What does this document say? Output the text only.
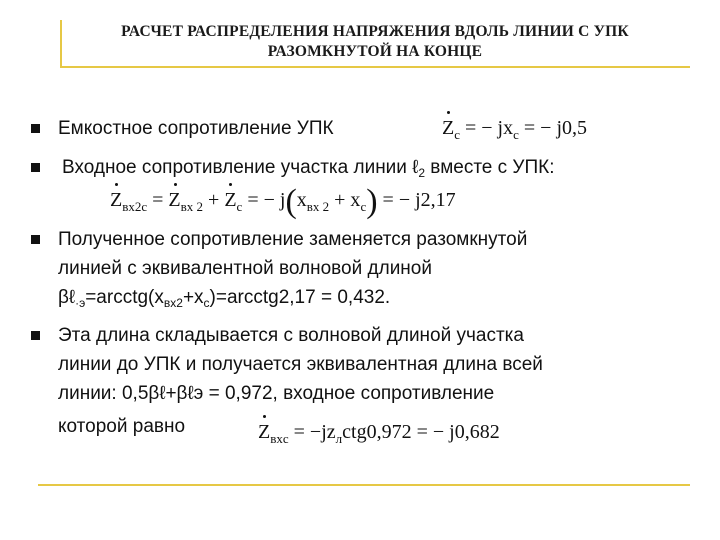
РАСЧЕТ РАСПРЕДЕЛЕНИЯ НАПРЯЖЕНИЯ ВДОЛЬ ЛИНИИ С УПК
РАЗОМКНУТОЙ НА КОНЦЕ
Емкостное сопротивление УПК	$Z_c$ = − $jx_c$ = − j0,5
Входное сопротивление участка линии ℓ$_2$ вместе с УПК:
$Z_{вх2c} = Z_{вх 2} + Z_c$ = − $j(x_{вх 2} + x_c)$ = − j2,17
Полученное сопротивление заменяется разомкнутой
линией с эквивалентной волновой длиной
$\beta\ell_{\cdot э}=arcctg(x_{вх2}+x_c)=arcctg2,17 = 0,432$.
Эта длина складывается с волновой длиной участка
линии до УПК и получается эквивалентная длина всей
линии: 0,5βℓ+βℓэ = 0,972, входное сопротивление
которой равно	$Z_{вхc} = -jz_лctg0,972$ = − j0,682
